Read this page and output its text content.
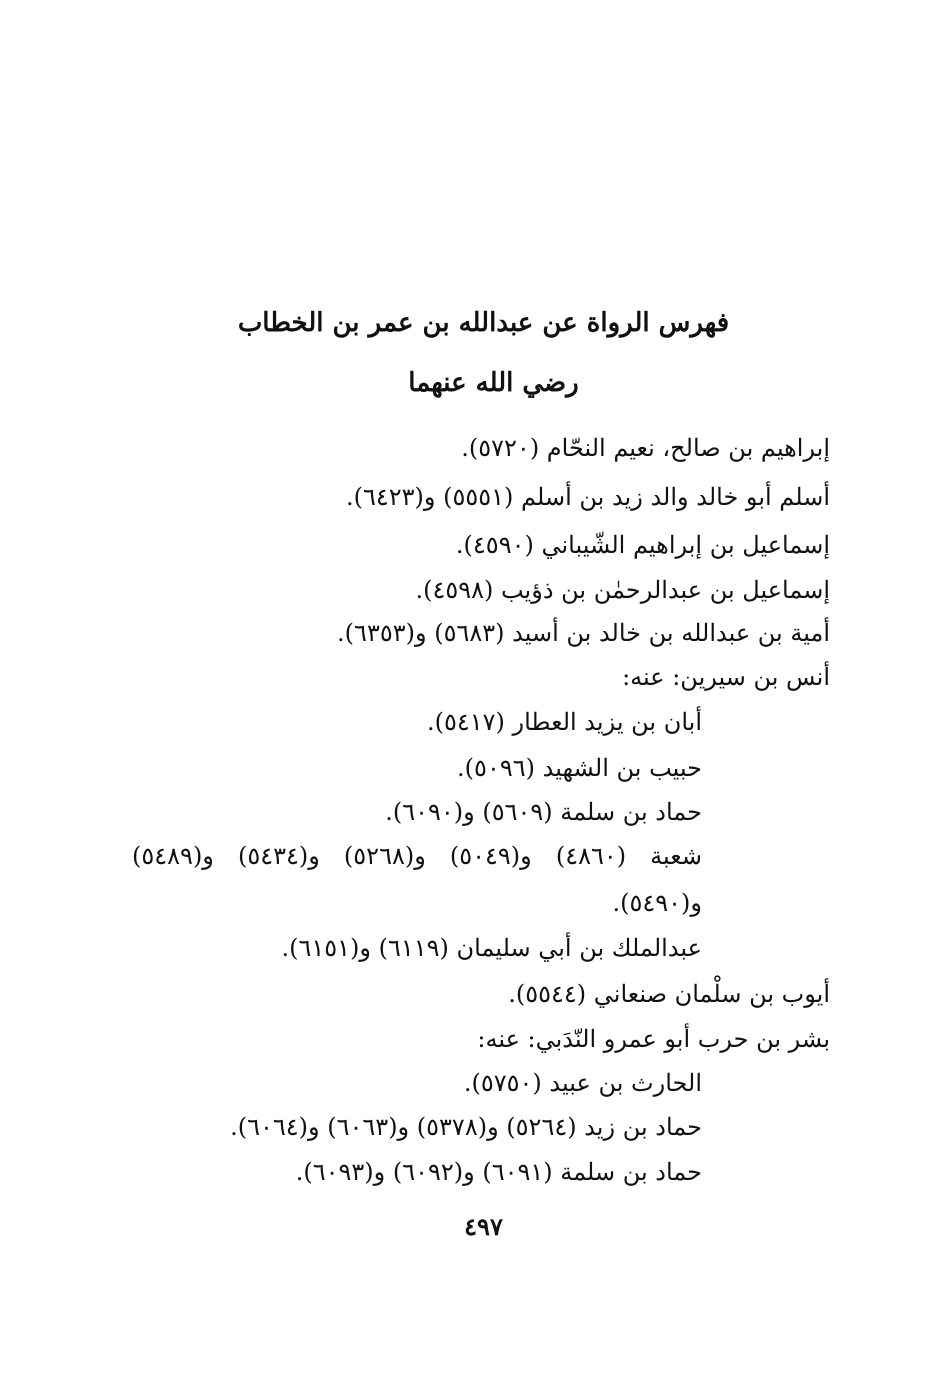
فهرس الرواة عن عبدالله بن عمر بن الخطاب
رضي الله عنهما

إبراهيم بن صالح، نعيم النحّام (٥٧٢٠).

أسلم أبو خالد والد زيد بن أسلم (٥٥٥١) و(٦٤٢٣).

إسماعيل بن إبراهيم الشّيباني (٤٥٩٠).

إسماعيل بن عبدالرحمٰن بن ذؤيب (٤٥٩٨).

أمية بن عبدالله بن خالد بن أسيد (٥٦٨٣) و(٦٣٥٣).

أنس بن سيرين: عنه:

أبان بن يزيد العطار (٥٤١٧).

حبيب بن الشهيد (٥٠٩٦).

حماد بن سلمة (٥٦٠٩) و(٦٠٩٠).

شعبة (٤٨٦٠) و(٥٠٤٩) و(٥٢٦٨) و(٥٤٣٤) و(٥٤٨٩)

و(٥٤٩٠).

عبدالملك بن أبي سليمان (٦١١٩) و(٦١٥١).

أيوب بن سلْمان صنعاني (٥٥٤٤).

بشر بن حرب أبو عمرو النّدَبي: عنه:

الحارث بن عبيد (٥٧٥٠).

حماد بن زيد (٥٢٦٤) و(٥٣٧٨) و(٦٠٦٣) و(٦٠٦٤).

حماد بن سلمة (٦٠٩١) و(٦٠٩٢) و(٦٠٩٣).

٤٩٧
